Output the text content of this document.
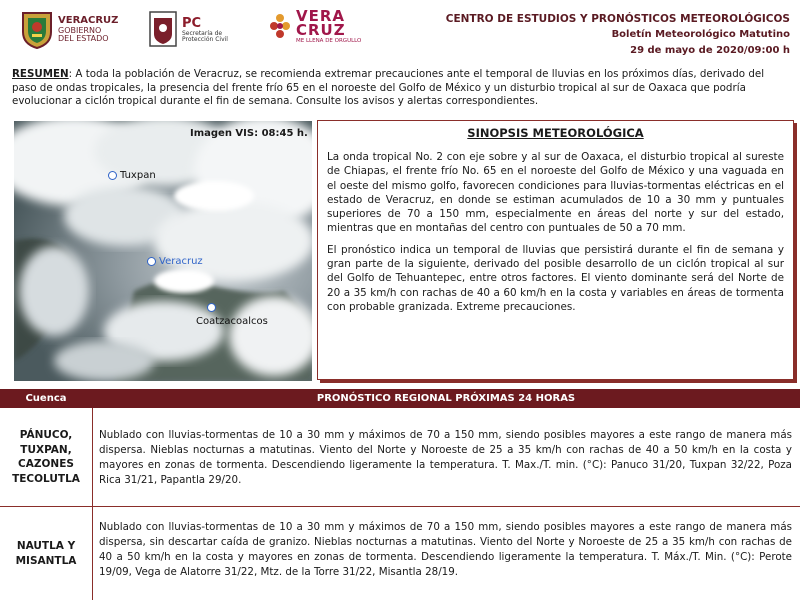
VERACRUZ
GOBIERNO
DEL ESTADO
PC
Secretaría de
Protección Civil
VERA
CRUZ
ME LLENA DE ORGULLO
CENTRO DE ESTUDIOS Y PRONÓSTICOS METEOROLÓGICOS
Boletín Meteorológico Matutino
29 de mayo de 2020/09:00 h
RESUMEN: A toda la población de Veracruz, se recomienda extremar precauciones ante el temporal de lluvias en los próximos días, derivado del paso de ondas tropicales, la presencia del frente frío 65 en el noroeste del Golfo de México y un disturbio tropical al sur de Oaxaca que podría evolucionar a ciclón tropical durante el fin de semana. Consulte los avisos y alertas correspondientes.
Imagen VIS: 08:45 h.
Tuxpan
Veracruz
Coatzacoalcos
SINOPSIS METEOROLÓGICA
La onda tropical No. 2 con eje sobre y al sur de Oaxaca, el disturbio tropical al sureste de Chiapas, el frente frío No. 65 en el noroeste del Golfo de México y una vaguada en el oeste del mismo golfo, favorecen condiciones para lluvias-tormentas eléctricas en el estado de Veracruz, en donde se estiman acumulados de 10 a 30 mm y puntuales superiores de 70 a 150 mm, especialmente en áreas del norte y sur del estado, mientras que en montañas del centro con puntuales de 50 a 70 mm.
El pronóstico indica un temporal de lluvias que persistirá durante el fin de semana y gran parte de la siguiente, derivado del posible desarrollo de un ciclón tropical al sur del Golfo de Tehuantepec, entre otros factores. El viento dominante será del Norte de 20 a 35 km/h con rachas de 40 a 60 km/h en la costa y variables en áreas de tormenta con probable granizada. Extreme precauciones.
Cuenca	PRONÓSTICO REGIONAL PRÓXIMAS 24 HORAS
PÁNUCO,
TUXPAN,
CAZONES
TECOLUTLA
Nublado con lluvias-tormentas de 10 a 30 mm y máximos de 70 a 150 mm, siendo posibles mayores a este rango de manera más dispersa. Nieblas nocturnas a matutinas. Viento del Norte y Noroeste de 25 a 35 km/h con rachas de 40 a 50 km/h en la costa y mayores en zonas de tormenta. Descendiendo ligeramente la temperatura. T. Max./T. min. (°C): Panuco 31/20, Tuxpan 32/22, Poza Rica 31/21, Papantla 29/20.
NAUTLA Y
MISANTLA
Nublado con lluvias-tormentas de 10 a 30 mm y máximos de 70 a 150 mm, siendo posibles mayores a este rango de manera más dispersa, sin descartar caída de granizo. Nieblas nocturnas a matutinas. Viento del Norte y Noroeste de 25 a 35 km/h con rachas de 40 a 50 km/h en la costa y mayores en zonas de tormenta. Descendiendo ligeramente la temperatura. T. Máx./T. Min. (°C): Perote 19/09, Vega de Alatorre 31/22, Mtz. de la Torre 31/22, Misantla 28/19.
